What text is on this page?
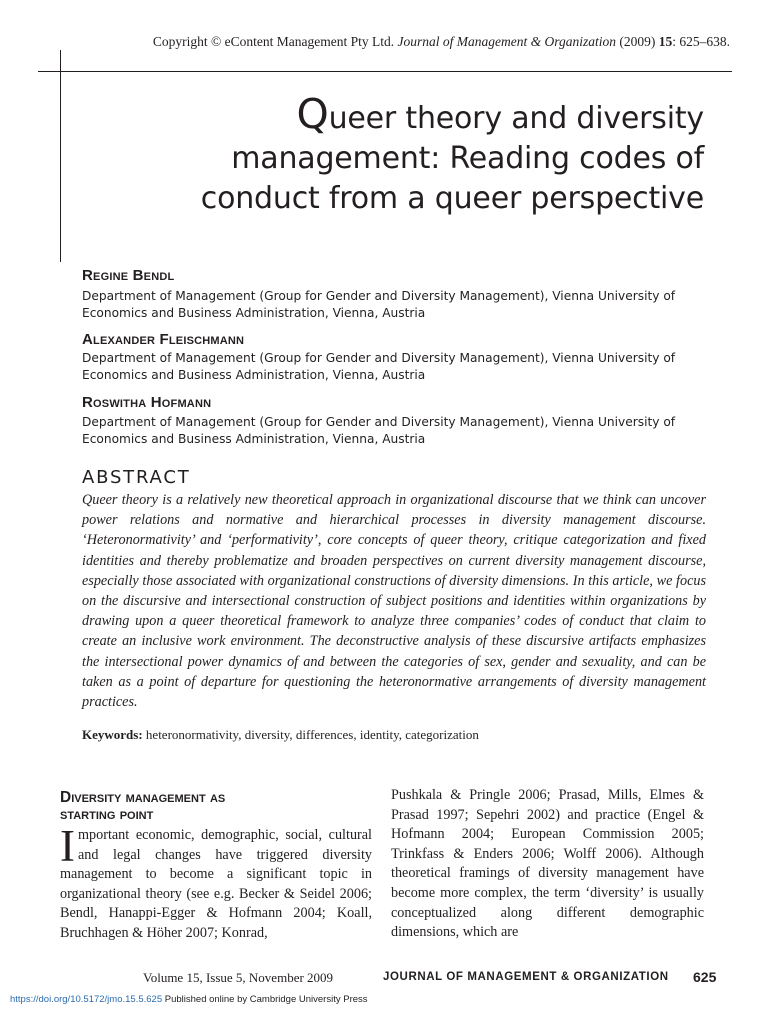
Copyright © eContent Management Pty Ltd. Journal of Management & Organization (2009) 15: 625–638.
Queer theory and diversity
management: Reading codes of
conduct from a queer perspective
Regine Bendl
Department of Management (Group for Gender and Diversity Management), Vienna University of
Economics and Business Administration, Vienna, Austria
Alexander Fleischmann
Department of Management (Group for Gender and Diversity Management), Vienna University of
Economics and Business Administration, Vienna, Austria
Roswitha Hofmann
Department of Management (Group for Gender and Diversity Management), Vienna University of
Economics and Business Administration, Vienna, Austria
ABSTRACT
Queer theory is a relatively new theoretical approach in organizational discourse that we think can uncover power relations and normative and hierarchical processes in diversity management discourse. ‘Heteronormativity’ and ‘performativity’, core concepts of queer theory, critique categorization and fixed identities and thereby problematize and broaden perspectives on current diversity management discourse, especially those associated with organizational constructions of diversity dimensions. In this article, we focus on the discursive and intersectional construction of subject positions and identities within organizations by drawing upon a queer theoretical framework to analyze three companies’ codes of conduct that claim to create an inclusive work environment. The deconstructive analysis of these discursive artifacts emphasizes the intersectional power dynamics of and between the categories of sex, gender and sexuality, and can be taken as a point of departure for questioning the heteronormative arrangements of diversity management practices.
Keywords: heteronormativity, diversity, differences, identity, categorization
Diversity management as
starting point
Important economic, demographic, social, cultural and legal changes have triggered diversity management to become a significant topic in organizational theory (see e.g. Becker & Seidel 2006; Bendl, Hanappi-Egger & Hofmann 2004; Koall, Bruchhagen & Höher 2007; Konrad,
Pushkala & Pringle 2006; Prasad, Mills, Elmes & Prasad 1997; Sepehri 2002) and practice (Engel & Hofmann 2004; European Commission 2005; Trinkfass & Enders 2006; Wolff 2006). Although theoretical framings of diversity management have become more complex, the term ‘diversity’ is usually conceptualized along different demographic dimensions, which are
Volume 15, Issue 5, November 2009	JOURNAL OF MANAGEMENT & ORGANIZATION 625
https://doi.org/10.5172/jmo.15.5.625 Published online by Cambridge University Press
